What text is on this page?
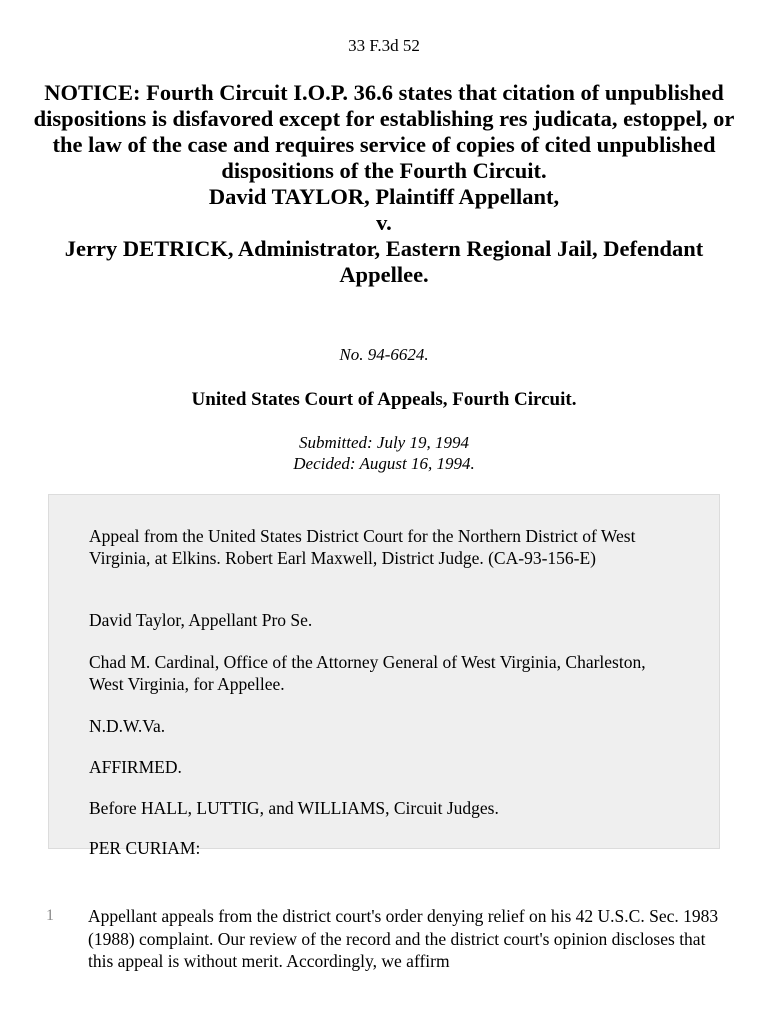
33 F.3d 52
NOTICE: Fourth Circuit I.O.P. 36.6 states that citation of unpublished dispositions is disfavored except for establishing res judicata, estoppel, or the law of the case and requires service of copies of cited unpublished dispositions of the Fourth Circuit.
David TAYLOR, Plaintiff Appellant,
v.
Jerry DETRICK, Administrator, Eastern Regional Jail, Defendant Appellee.
No. 94-6624.
United States Court of Appeals, Fourth Circuit.
Submitted: July 19, 1994
Decided: August 16, 1994.

Appeal from the United States District Court for the Northern District of West Virginia, at Elkins. Robert Earl Maxwell, District Judge. (CA-93-156-E)

David Taylor, Appellant Pro Se.

Chad M. Cardinal, Office of the Attorney General of West Virginia, Charleston, West Virginia, for Appellee.

N.D.W.Va.

AFFIRMED.

Before HALL, LUTTIG, and WILLIAMS, Circuit Judges.

PER CURIAM:

1 Appellant appeals from the district court's order denying relief on his 42 U.S.C. Sec. 1983 (1988) complaint. Our review of the record and the district court's opinion discloses that this appeal is without merit. Accordingly, we affirm
